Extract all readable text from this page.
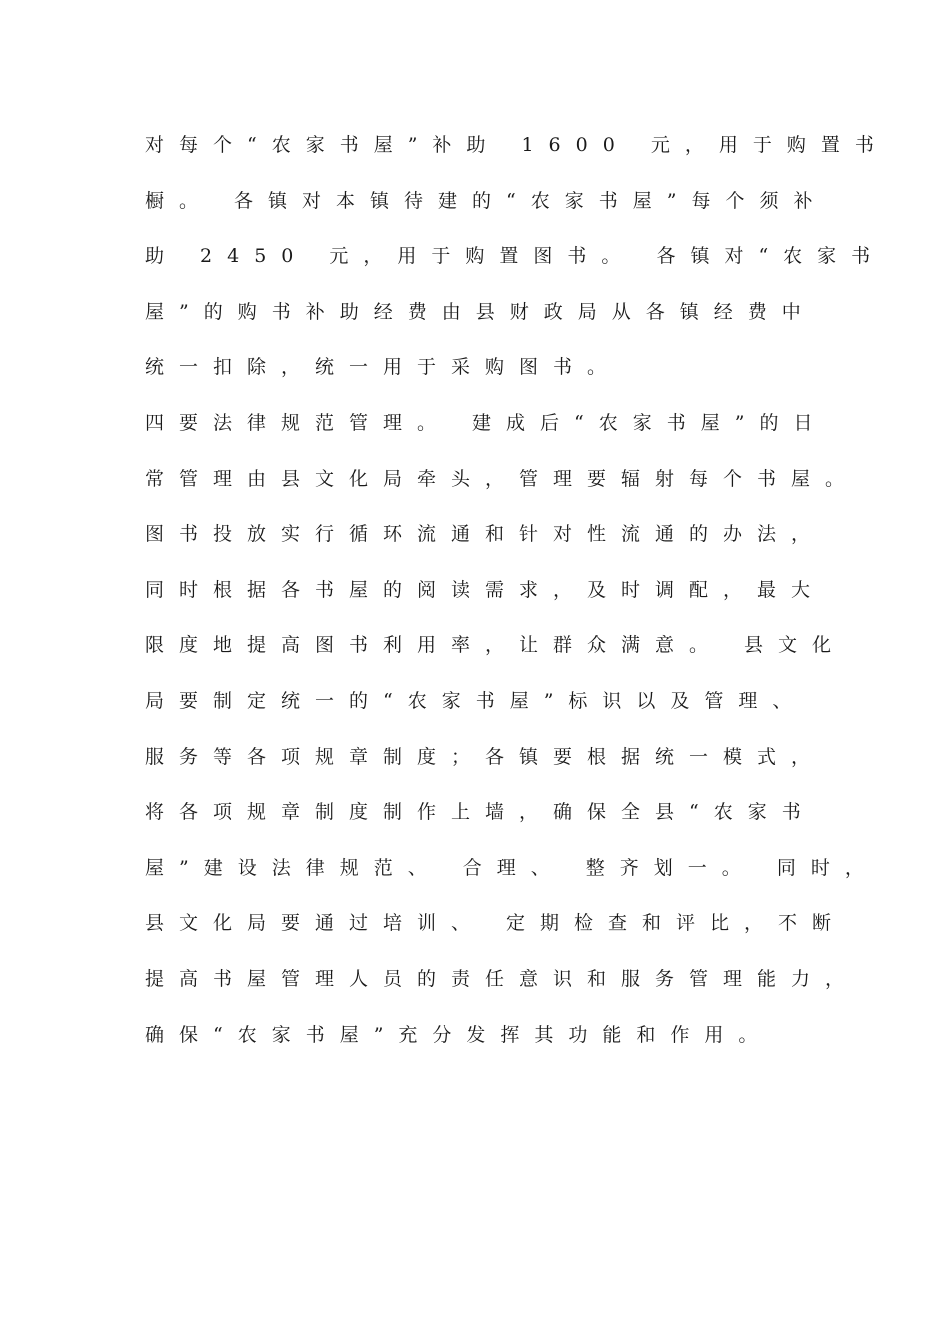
对每个“农家书屋”补助 1600 元，用于购置书
橱。 各镇对本镇待建的“农家书屋”每个须补
助 2450 元，用于购置图书。 各镇对“农家书
屋”的购书补助经费由县财政局从各镇经费中
统一扣除，统一用于采购图书。
四要法律规范管理。 建成后“农家书屋”的日
常管理由县文化局牵头，管理要辐射每个书屋。
图书投放实行循环流通和针对性流通的办法，
同时根据各书屋的阅读需求，及时调配，最大
限度地提高图书利用率，让群众满意。 县文化
局要制定统一的“农家书屋”标识以及管理、
服务等各项规章制度；各镇要根据统一模式，
将各项规章制度制作上墙，确保全县“农家书
屋”建设法律规范、 合理、 整齐划一。 同时，
县文化局要通过培训、 定期检查和评比，不断
提高书屋管理人员的责任意识和服务管理能力，
确保“农家书屋”充分发挥其功能和作用。
